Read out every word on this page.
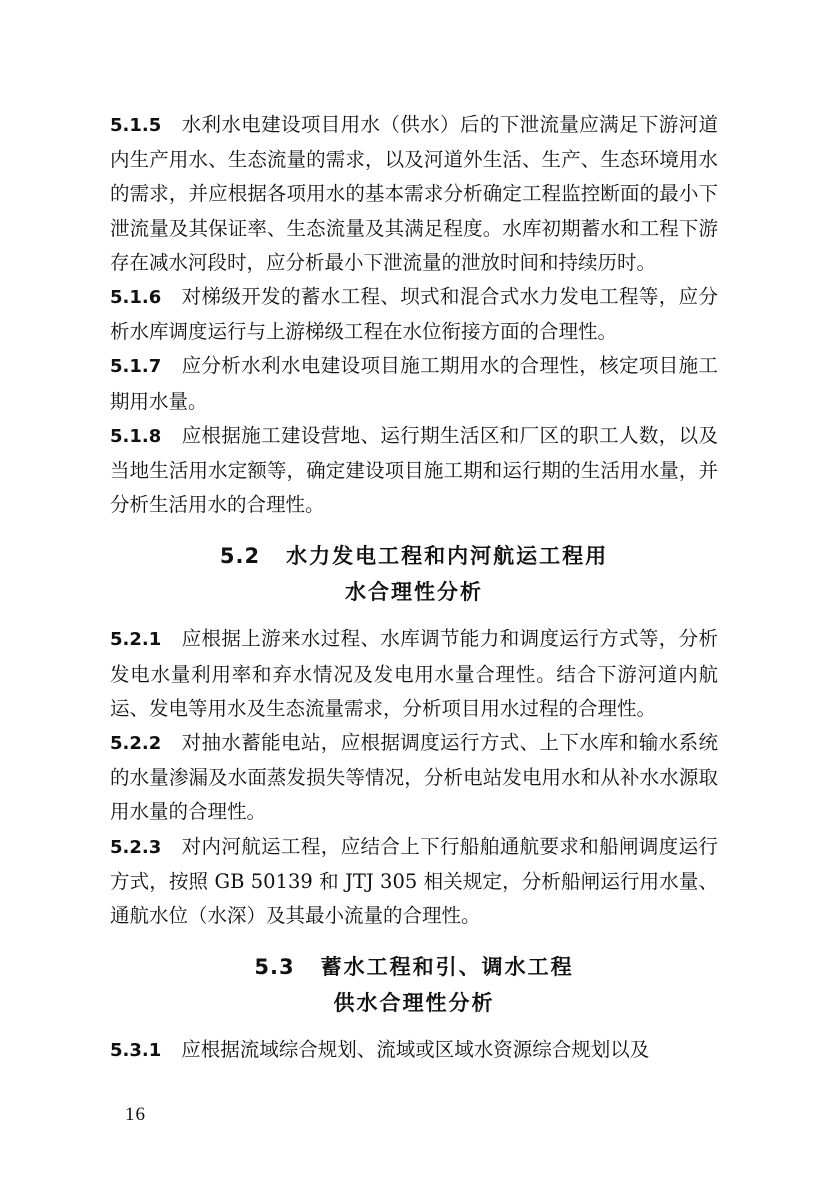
5.1.5 水利水电建设项目用水（供水）后的下泄流量应满足下游河道内生产用水、生态流量的需求，以及河道外生活、生产、生态环境用水的需求，并应根据各项用水的基本需求分析确定工程监控断面的最小下泄流量及其保证率、生态流量及其满足程度。水库初期蓄水和工程下游存在减水河段时，应分析最小下泄流量的泄放时间和持续历时。

5.1.6 对梯级开发的蓄水工程、坝式和混合式水力发电工程等，应分析水库调度运行与上游梯级工程在水位衔接方面的合理性。

5.1.7 应分析水利水电建设项目施工期用水的合理性，核定项目施工期用水量。

5.1.8 应根据施工建设营地、运行期生活区和厂区的职工人数，以及当地生活用水定额等，确定建设项目施工期和运行期的生活用水量，并分析生活用水的合理性。

5.2 水力发电工程和内河航运工程用
水合理性分析

5.2.1 应根据上游来水过程、水库调节能力和调度运行方式等，分析发电水量利用率和弃水情况及发电用水量合理性。结合下游河道内航运、发电等用水及生态流量需求，分析项目用水过程的合理性。

5.2.2 对抽水蓄能电站，应根据调度运行方式、上下水库和输水系统的水量渗漏及水面蒸发损失等情况，分析电站发电用水和从补水水源取用水量的合理性。

5.2.3 对内河航运工程，应结合上下行船舶通航要求和船闸调度运行方式，按照 GB 50139 和 JTJ 305 相关规定，分析船闸运行用水量、通航水位（水深）及其最小流量的合理性。

5.3 蓄水工程和引、调水工程
供水合理性分析

5.3.1 应根据流域综合规划、流域或区域水资源综合规划以及

16
